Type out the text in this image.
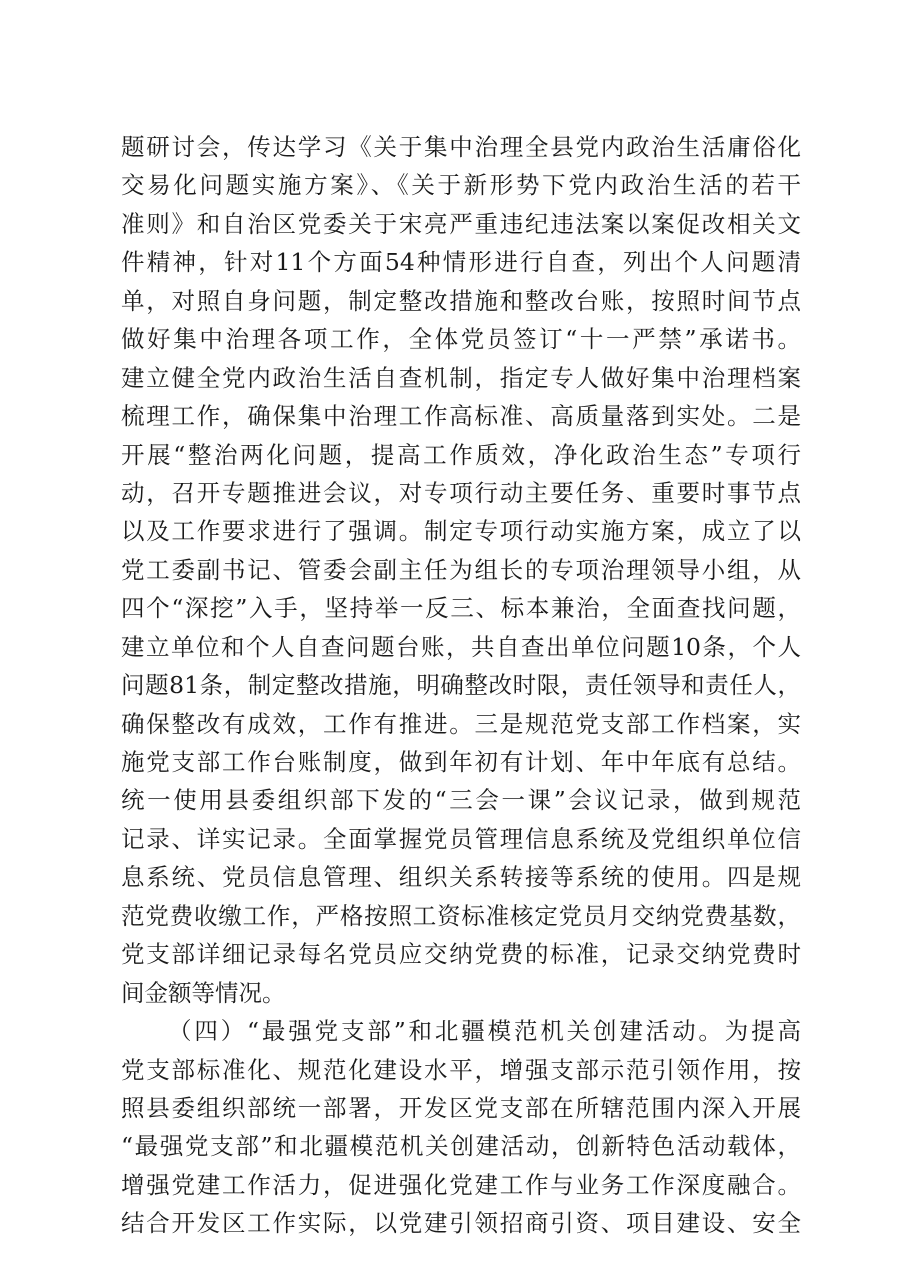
题研讨会，传达学习《关于集中治理全县党内政治生活庸俗化
交易化问题实施方案》、《关于新形势下党内政治生活的若干
准则》和自治区党委关于宋亮严重违纪违法案以案促改相关文
件精神，针对11个方面54种情形进行自查，列出个人问题清
单，对照自身问题，制定整改措施和整改台账，按照时间节点
做好集中治理各项工作，全体党员签订“十一严禁”承诺书。
建立健全党内政治生活自查机制，指定专人做好集中治理档案
梳理工作，确保集中治理工作高标准、高质量落到实处。二是
开展“整治两化问题，提高工作质效，净化政治生态”专项行
动，召开专题推进会议，对专项行动主要任务、重要时事节点
以及工作要求进行了强调。制定专项行动实施方案，成立了以
党工委副书记、管委会副主任为组长的专项治理领导小组，从
四个“深挖”入手，坚持举一反三、标本兼治，全面查找问题，
建立单位和个人自查问题台账，共自查出单位问题10条，个人
问题81条，制定整改措施，明确整改时限，责任领导和责任人，
确保整改有成效，工作有推进。三是规范党支部工作档案，实
施党支部工作台账制度，做到年初有计划、年中年底有总结。
统一使用县委组织部下发的“三会一课”会议记录，做到规范
记录、详实记录。全面掌握党员管理信息系统及党组织单位信
息系统、党员信息管理、组织关系转接等系统的使用。四是规
范党费收缴工作，严格按照工资标准核定党员月交纳党费基数，
党支部详细记录每名党员应交纳党费的标准，记录交纳党费时
间金额等情况。
（四）“最强党支部”和北疆模范机关创建活动。为提高
党支部标准化、规范化建设水平，增强支部示范引领作用，按
照县委组织部统一部署，开发区党支部在所辖范围内深入开展
“最强党支部”和北疆模范机关创建活动，创新特色活动载体，
增强党建工作活力，促进强化党建工作与业务工作深度融合。
结合开发区工作实际，以党建引领招商引资、项目建设、安全
